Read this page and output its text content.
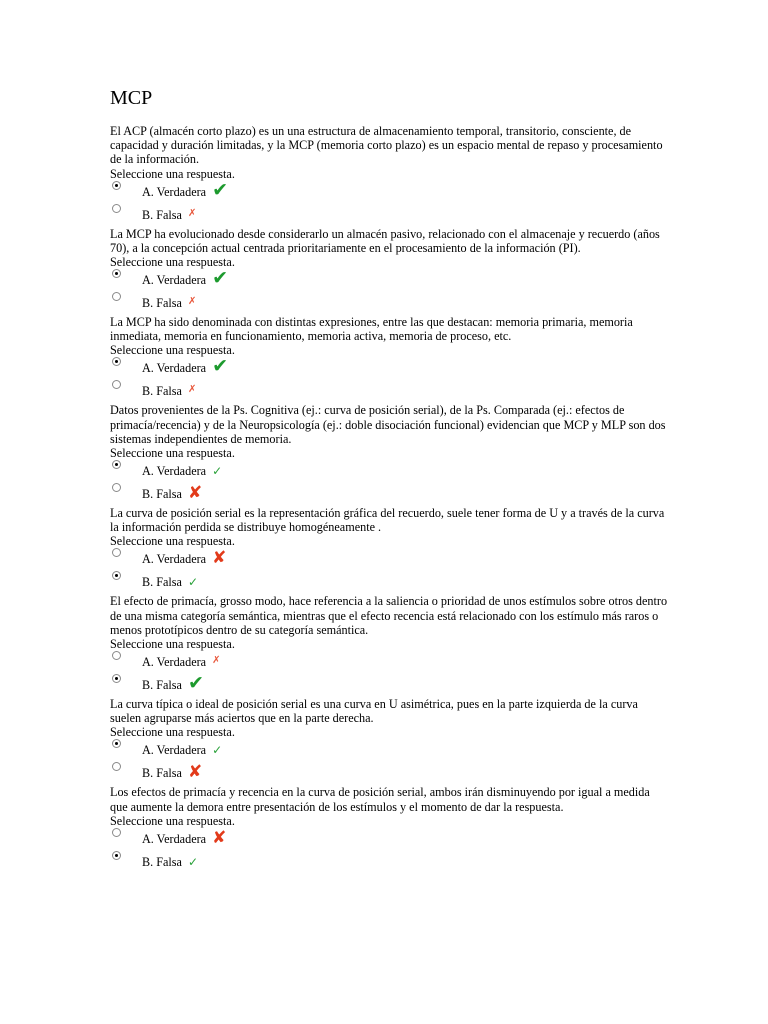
MCP

El ACP (almacén corto plazo) es un una estructura de almacenamiento temporal, transitorio, consciente, de capacidad y duración limitadas, y la MCP (memoria corto plazo) es un espacio mental de repaso y procesamiento de la información.

Seleccione una respuesta.

A. Verdadera ✔
B. Falsa ✗

La MCP ha evolucionado desde considerarlo un almacén pasivo, relacionado con el almacenaje y recuerdo (años 70), a la concepción actual centrada prioritariamente en el procesamiento de la información (PI).

Seleccione una respuesta.

A. Verdadera ✔
B. Falsa ✗

La MCP ha sido denominada con distintas expresiones, entre las que destacan: memoria primaria, memoria inmediata, memoria en funcionamiento, memoria activa, memoria de proceso, etc.

Seleccione una respuesta.

A. Verdadera ✔
B. Falsa ✗

Datos provenientes de la Ps. Cognitiva (ej.: curva de posición serial), de la Ps. Comparada (ej.: efectos de primacía/recencia) y de la Neuropsicología (ej.: doble disociación funcional) evidencian que MCP y MLP son dos sistemas independientes de memoria.

Seleccione una respuesta.

A. Verdadera ✓
B. Falsa ✘

La curva de posición serial es la representación gráfica del recuerdo, suele tener forma de U y a través de la curva la información perdida se distribuye homogéneamente .

Seleccione una respuesta.

A. Verdadera ✘
B. Falsa ✓

El efecto de primacía, grosso modo, hace referencia a la saliencia o prioridad de unos estímulos sobre otros dentro de una misma categoría semántica, mientras que el efecto recencia está relacionado con los estímulo más raros o menos prototípicos dentro de su categoría semántica.

Seleccione una respuesta.

A. Verdadera ✗
B. Falsa ✔

La curva típica o ideal de posición serial es una curva en U asimétrica, pues en la parte izquierda de la curva suelen agruparse más aciertos que en la parte derecha.

Seleccione una respuesta.

A. Verdadera ✓
B. Falsa ✘

Los efectos de primacía y recencia en la curva de posición serial, ambos irán disminuyendo por igual a medida que aumente la demora entre presentación de los estímulos y el momento de dar la respuesta.

Seleccione una respuesta.

A. Verdadera ✘
B. Falsa ✓
